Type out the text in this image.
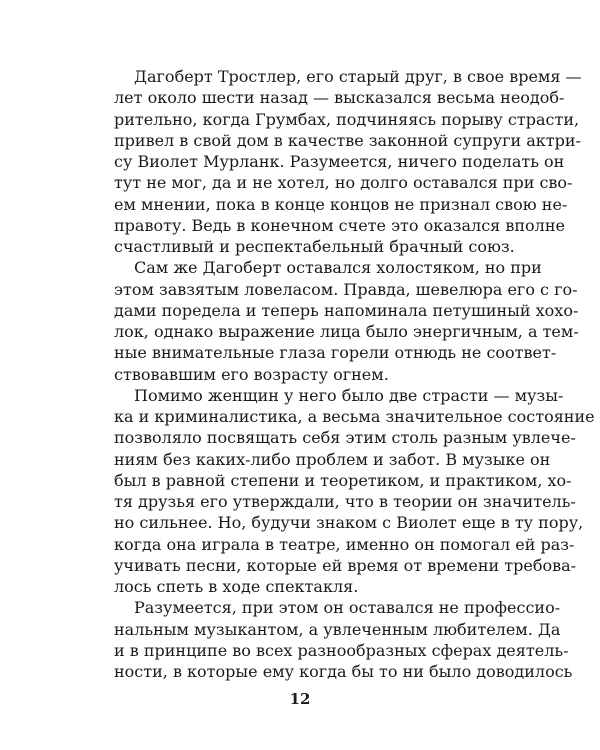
Дагоберт Тростлер, его старый друг, в свое время —
лет около шести назад — высказался весьма неодоб-
рительно, когда Грумбах, подчиняясь порыву страсти,
привел в свой дом в качестве законной супруги актри-
су Виолет Мурланк. Разумеется, ничего поделать он
тут не мог, да и не хотел, но долго оставался при сво-
ем мнении, пока в конце концов не признал свою не-
правоту. Ведь в конечном счете это оказался вполне
счастливый и респектабельный брачный союз.
Сам же Дагоберт оставался холостяком, но при
этом завзятым ловеласом. Правда, шевелюра его с го-
дами поредела и теперь напоминала петушиный хохо-
лок, однако выражение лица было энергичным, а тем-
ные внимательные глаза горели отнюдь не соответ-
ствовавшим его возрасту огнем.
Помимо женщин у него было две страсти — музы-
ка и криминалистика, а весьма значительное состояние
позволяло посвящать себя этим столь разным увлече-
ниям без каких-либо проблем и забот. В музыке он
был в равной степени и теоретиком, и практиком, хо-
тя друзья его утверждали, что в теории он значитель-
но сильнее. Но, будучи знаком с Виолет еще в ту пору,
когда она играла в театре, именно он помогал ей раз-
учивать песни, которые ей время от времени требова-
лось спеть в ходе спектакля.
Разумеется, при этом он оставался не профессио-
нальным музыкантом, а увлеченным любителем. Да
и в принципе во всех разнообразных сферах деятель-
ности, в которые ему когда бы то ни было доводилось
12
